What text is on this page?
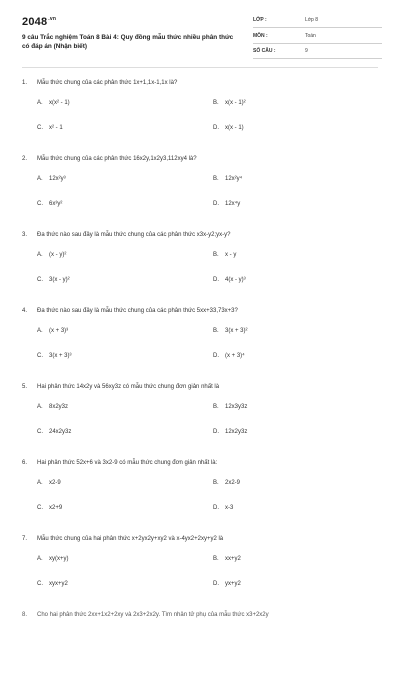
$2048^{.vn}$
9 câu Trắc nghiệm Toán 8 Bài 4: Quy đồng mẫu thức nhiều phân thức có đáp án (Nhận biết)
LỚP :	Lớp 8
MÔN :	Toán
SỐ CÂU :	9
1. Mẫu thức chung của các phân thức 1x+1,1x-1,1x là?
A. x(x² - 1)	B. x(x - 1)²
C. x² - 1	D. x(x - 1)
2. Mẫu thức chung của các phân thức 16x2y,1x2y3,112xy4 là?
A. 12x²y³	B. 12x²y⁴
C. 6x³y²	D. 12x⁴y
3. Đa thức nào sau đây là mẫu thức chung của các phân thức x3x-y2;yx-y?
A. (x - y)²	B. x - y
C. 3(x - y)²	D. 4(x - y)³
4. Đa thức nào sau đây là mẫu thức chung của các phân thức 5xx+33,73x+3?
A. (x + 3)³	B. 3(x + 3)²
C. 3(x + 3)³	D. (x + 3)⁴
5. Hai phân thức 14x2y và 56xy3z có mẫu thức chung đơn giản nhất là
A. 8x2y3z	B. 12x3y3z
C. 24x2y3z	D. 12x2y3z
6. Hai phân thức 52x+6 và 3x2-9 có mẫu thức chung đơn giản nhất là:
A. x2-9	B. 2x2-9
C. x2+9	D. x-3
7. Mẫu thức chung của hai phân thức x+2yx2y+xy2 và x-4yx2+2xy+y2 là
A. xy(x+y)	B. xx+y2
C. xyx+y2	D. yx+y2
8. Cho hai phân thức 2xx+1x2+2xy và 2x3+2x2y. Tìm nhân tử phụ của mẫu thức x3+2x2y
